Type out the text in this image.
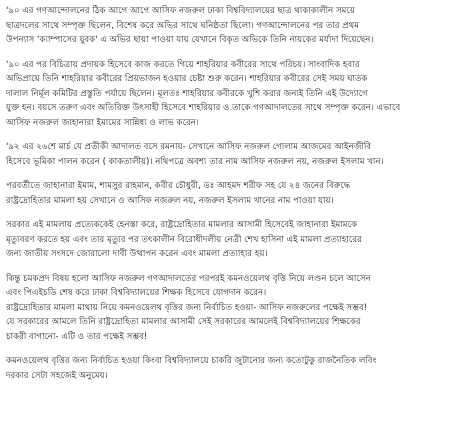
'৯০ এর গণআন্দোলনের ঠিক আগে আগে আসিফ নজরুল ঢাকা বিশ্ববিদ্যালয়ের ছাত্র থাকাকালীন সময়ে
ছাত্রদলের সাথে সম্পৃক্ত ছিলেন, বিশেষ করে অভির সাথে ঘনিষ্ঠতা ছিলো। গণআন্দোলনের পর তার প্রথম
উপন্যাস 'ক্যাম্পাসের যুবক' এ অভির ছায়া পাওয়া যায় যেখানে বিকৃত অভিকে তিনি নায়কের মর্যাদা দিয়েছেন।

'৯০ এর পর বিচিত্রায় প্রদায়ক হিসেবে কাজ করতে গিয়ে শাহরিয়ার কবীরের সাথে পরিচয়। সাংবাদিক হবার
অভিপ্রায়ে তিনি শাহরিয়ার কবীরের প্রিয়ভাজন হওয়ার চেষ্টা শুরু করেন। শাহরিয়ার কবীরের সেই সময় ঘাতক
দালাল নির্মূল কমিটির প্রস্তুতি পর্যায়ে ছিলেন। মূলতঃ শাহরিয়ার কবীরকে খুশি করার জন্যই তিনি এই উদ্যোগে
যুক্ত হন। বয়সে তরুণ এবং অতিরিক্ত উৎসাহী হিসেবে শাহরিয়ার ও তাকে গণআদালতের সাথে সম্পৃক্ত করেন। এভাবে
আসিফ নজরুল জাহানারা ইমামের সান্নিধ্য ও লাভ করেন।

'৯২ এর ২৬শে মার্চ যে প্রতীকী আদালত বসে রমনায়- সেখানে আসিফ নজরুল গোলাম আজমের আইনজীবি
হিসেবে ভূমিকা পালন করেন ( কাকতালীয়)। নথিপত্রে অবশ্য তার নাম আসিফ নজরুল নয়, নজরুল ইসলাম খান।

পরবর্তীতে জাহানারা ইমাম, শামসুর রাহমান, কবীর চৌধুরী, ডঃ আহমদ শরীফ সহ যে ২৪ জনের বিরুদ্ধে
রাষ্ট্রদ্রোহিতার মামলা হয় সেখানে ও আসিফ নজরুল নয়, নজরুল ইসলাম খানের নাম পাওয়া যায়।

সরকার এই মামলায় প্রত্যেককেই হেনস্তা করে, রাষ্ট্রদ্রোহিতার মামলার আসামী হিসেবেই জাহানারা ইমামকে
মৃত্যুবরণ করতে হয় এবং তার মৃত্যুর পর তৎকালীন বিরোধীদলীয় নেত্রী শেখ হাসিনা এই মামলা প্রত্যাহারের
জন্য জাতীয় সংসদে জোরালো দাবী উত্থাপন করেন এবং মামলা প্রত্যাহার হয়।

কিন্তু চমকপ্রদ বিষয় হলো আসিফ নজরুল গণআদালতের পরপরই কমনওয়েলথ বৃত্তি নিয়ে লণ্ডন চলে আসেন
এবং পিএইচডি শেষ করে ঢাকা বিশ্ববিদ্যালয়ের শিক্ষক হিসেবে যোগদান করেন।
রাষ্ট্রদ্রোহিতার মামলা মাথায় নিয়ে কমনওয়েলথ বৃত্তির জন্য নির্বাচিত হওয়া- আসিফ নজরুলের পক্ষেই সম্ভব!
যে সরকারের আমলে তিনি রাষ্ট্রদ্রোহিতা মামলার আসামী সেই সরকারের আমলেই বিশ্ববিদ্যালয়ের শিক্ষকের
চাকরী বাগানো- এটি ও তার পক্ষেই সম্ভব!

কমনওয়েলথ বৃত্তির জন্য নির্বাচিত হওয়া কিংবা বিশ্ববিদ্যালয়ে চাকরি জুটানোর জন্য কতোটুকু রাজনৈতিক লবিং
দরকার সেটা সহজেই অনুমেয়।
